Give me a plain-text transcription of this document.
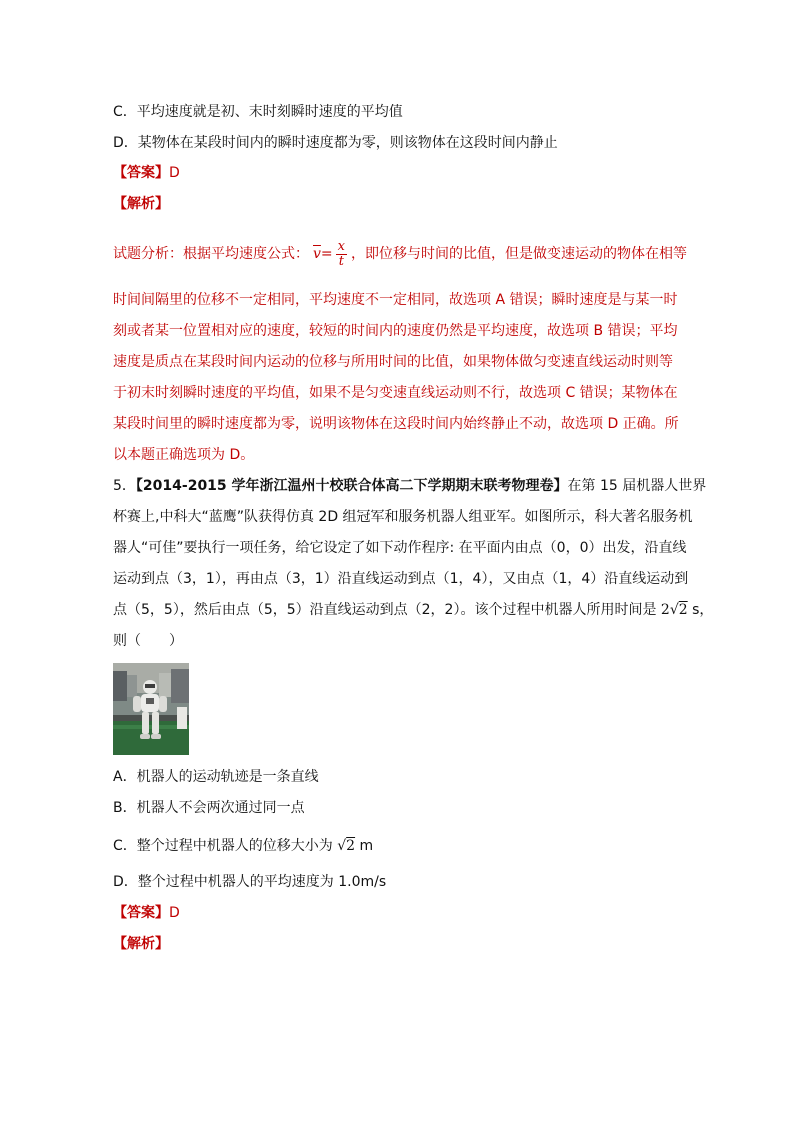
C．平均速度就是初、末时刻瞬时速度的平均值
D．某物体在某段时间内的瞬时速度都为零，则该物体在这段时间内静止
【答案】D
【解析】
试题分析：根据平均速度公式： $\overline{v}= \frac{x}{t}$ ，即位移与时间的比值，但是做变速运动的物体在相等
时间间隔里的位移不一定相同，平均速度不一定相同，故选项 A 错误；瞬时速度是与某一时
刻或者某一位置相对应的速度，较短的时间内的速度仍然是平均速度，故选项 B 错误；平均
速度是质点在某段时间内运动的位移与所用时间的比值，如果物体做匀变速直线运动时则等
于初末时刻瞬时速度的平均值，如果不是匀变速直线运动则不行，故选项 C 错误；某物体在
某段时间里的瞬时速度都为零，说明该物体在这段时间内始终静止不动，故选项 D 正确。所
以本题正确选项为 D。
5．【2014-2015 学年浙江温州十校联合体高二下学期期末联考物理卷】在第 15 届机器人世界
杯赛上,中科大“蓝鹰”队获得仿真 2D 组冠军和服务机器人组亚军。如图所示，科大著名服务机
器人“可佳”要执行一项任务，给它设定了如下动作程序: 在平面内由点（0，0）出发，沿直线
运动到点（3，1），再由点（3，1）沿直线运动到点（1，4），又由点（1，4）沿直线运动到
点（5，5），然后由点（5，5）沿直线运动到点（2，2）。该个过程中机器人所用时间是 2√2 s，
则（　　）
A．机器人的运动轨迹是一条直线
B．机器人不会两次通过同一点
C．整个过程中机器人的位移大小为 √2 m
D．整个过程中机器人的平均速度为 1.0m/s
【答案】D
【解析】
